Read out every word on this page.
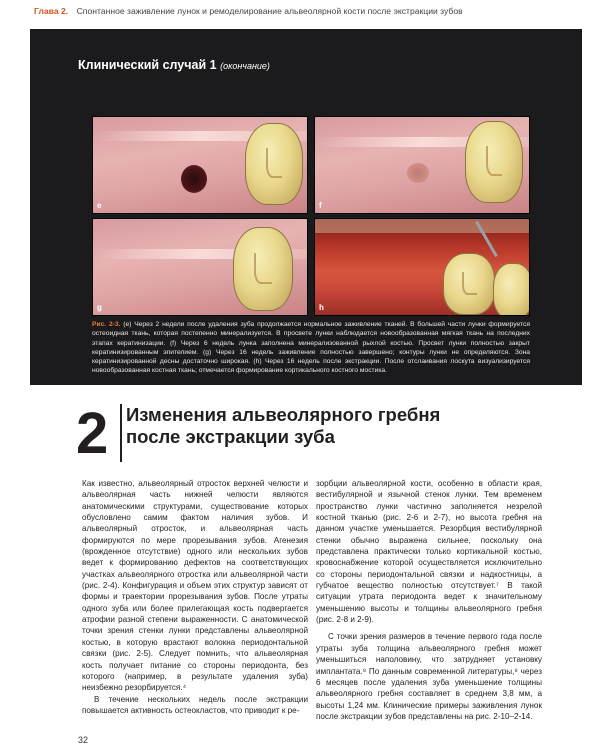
Глава 2. Спонтанное заживление лунок и ремоделирование альвеолярной кости после экстракции зубов
Клинический случай 1 (окончание)
e	f
g	h
Рис. 2-3. (e) Через 2 недели после удаления зуба продолжается нормальное заживление тканей. В большей части лунки формируется остеоидная ткань, которая постепенно минерализуется. В просвете лунки наблюдается новообразованная мягкая ткань на последних этапах кератинизации. (f) Через 6 недель лунка заполнена минерализованной рыхлой костью. Просвет лунки полностью закрыт кератинизированным эпителием. (g) Через 16 недель заживление полностью завершено; контуры лунки не определяются. Зона кератинизированной десны достаточно широкая. (h) Через 16 недель после экстракции. После отслаивания лоскута визуализируется новообразованная костная ткань; отмечается формирование кортикального костного мостика.
2 Изменения альвеолярного гребня после экстракции зуба

Как известно, альвеолярный отросток верхней челюсти и альвеолярная часть нижней челюсти являются анатомическими структурами, существование которых обусловлено самим фактом наличия зубов. И альвеолярный отросток, и альвеолярная часть формируются по мере прорезывания зубов. Агенезия (врожденное отсутствие) одного или нескольких зубов ведет к формированию дефектов на соответствующих участках альвеолярного отростка или альвеолярной части (рис. 2-4). Конфигурация и объем этих структур зависят от формы и траектории прорезывания зубов. После утраты одного зуба или более прилегающая кость подвергается атрофии разной степени выраженности. С анатомической точки зрения стенки лунки представлены альвеолярной костью, в которую врастают волокна периодонтальной связки (рис. 2-5). Следует помнить, что альвеолярная кость получает питание со стороны периодонта, без которого (например, в результате удаления зуба) неизбежно резорбируется.⁴

В течение нескольких недель после экстракции повышается активность остеокластов, что приводит к ре-

зорбции альвеолярной кости, особенно в области края, вестибулярной и язычной стенок лунки. Тем временем пространство лунки частично заполняется незрелой костной тканью (рис. 2-6 и 2-7), но высота гребня на данном участке уменьшается. Резорбция вестибулярной стенки обычно выражена сильнее, поскольку она представлена практически только кортикальной костью, кровоснабжение которой осуществляется исключительно со стороны периодонтальной связки и надкостницы, а губчатое вещество полностью отсутствует.⁷ В такой ситуации утрата периодонта ведет к значительному уменьшению высоты и толщины альвеолярного гребня (рис. 2-8 и 2-9).

С точки зрения размеров в течение первого года после утраты зуба толщина альвеолярного гребня может уменьшиться наполовину, что затрудняет установку имплантата.⁸ По данным современной литературы,⁹ через 6 месяцев после удаления зуба уменьшение толщины альвеолярного гребня составляет в среднем 3,8 мм, а высоты 1,24 мм. Клинические примеры заживления лунок после экстракции зубов представлены на рис. 2-10–2-14.

32
